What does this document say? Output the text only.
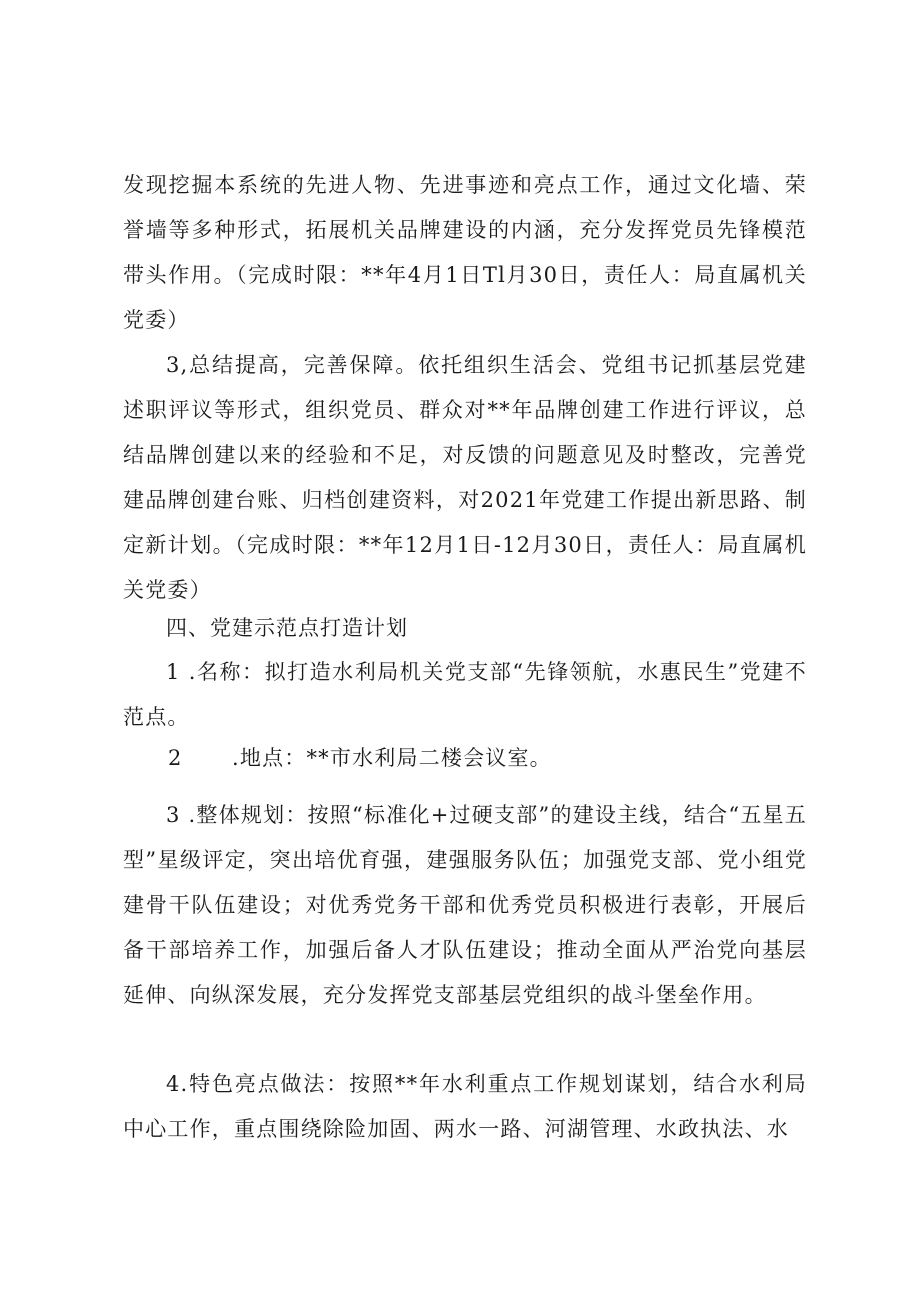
发现挖掘本系统的先进人物、先进事迹和亮点工作，通过文化墙、荣誉墙等多种形式，拓展机关品牌建设的内涵，充分发挥党员先锋模范带头作用。（完成时限：**年4月1日Tl月30日，责任人：局直属机关党委）

3,总结提高，完善保障。依托组织生活会、党组书记抓基层党建述职评议等形式，组织党员、群众对**年品牌创建工作进行评议，总结品牌创建以来的经验和不足，对反馈的问题意见及时整改，完善党建品牌创建台账、归档创建资料，对2021年党建工作提出新思路、制定新计划。（完成时限：**年12月1日-12月30日，责任人：局直属机关党委）

四、党建示范点打造计划

1 .名称：拟打造水利局机关党支部“先锋领航，水惠民生”党建不范点。

2 .地点：**市水利局二楼会议室。

3 .整体规划：按照“标准化+过硬支部”的建设主线，结合“五星五型”星级评定，突出培优育强，建强服务队伍；加强党支部、党小组党建骨干队伍建设；对优秀党务干部和优秀党员积极进行表彰，开展后备干部培养工作，加强后备人才队伍建设；推动全面从严治党向基层延伸、向纵深发展，充分发挥党支部基层党组织的战斗堡垒作用。

4.特色亮点做法：按照**年水利重点工作规划谋划，结合水利局中心工作，重点围绕除险加固、两水一路、河湖管理、水政执法、水
